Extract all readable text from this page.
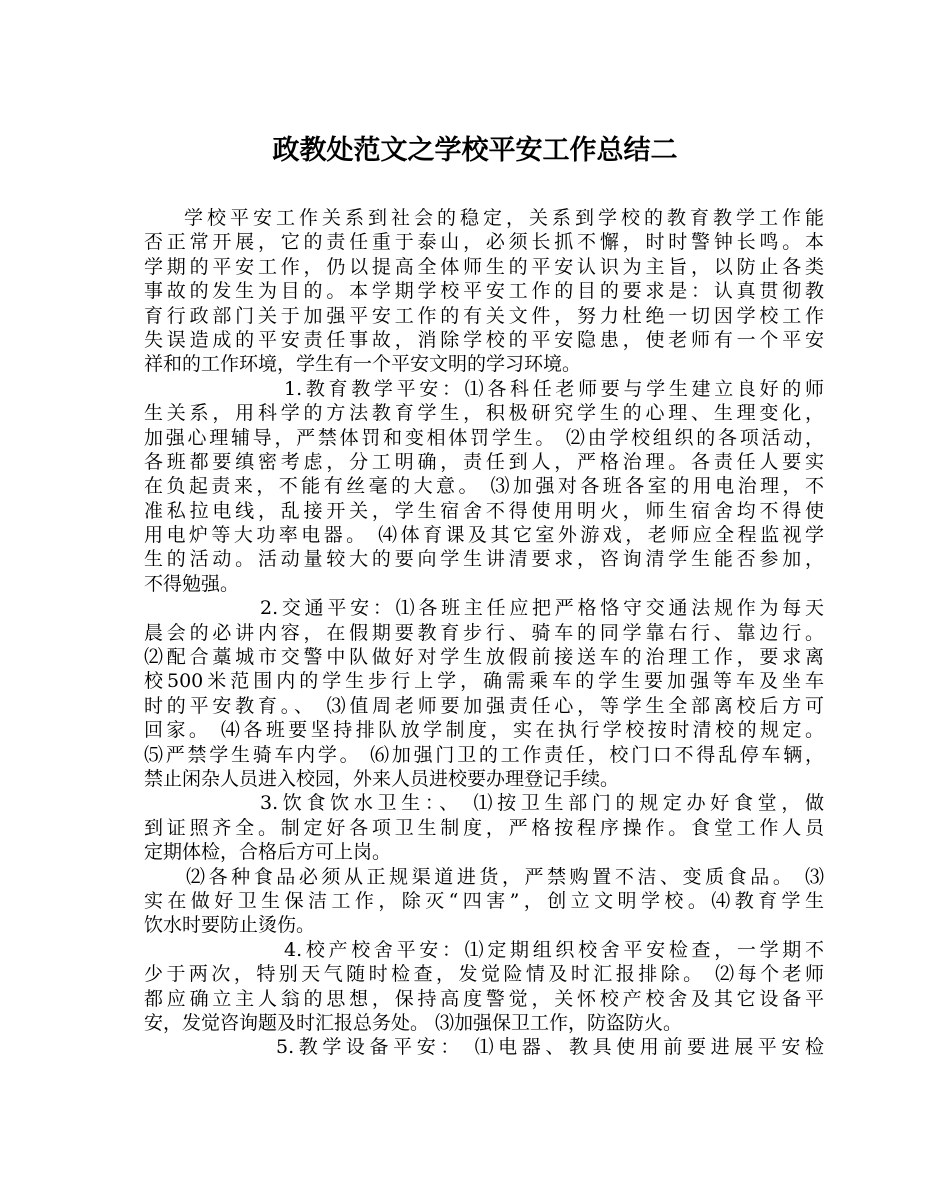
政教处范文之学校平安工作总结二
学校平安工作关系到社会的稳定，关系到学校的教育教学工作能
否正常开展，它的责任重于泰山，必须长抓不懈，时时警钟长鸣。本
学期的平安工作，仍以提高全体师生的平安认识为主旨，以防止各类
事故的发生为目的。本学期学校平安工作的目的要求是：认真贯彻教
育行政部门关于加强平安工作的有关文件，努力杜绝一切因学校工作
失误造成的平安责任事故，消除学校的平安隐患，使老师有一个平安
祥和的工作环境，学生有一个平安文明的学习环境。
1.教育教学平安：⑴各科任老师要与学生建立良好的师
生关系，用科学的方法教育学生，积极研究学生的心理、生理变化，
加强心理辅导，严禁体罚和变相体罚学生。 ⑵由学校组织的各项活动，
各班都要缜密考虑，分工明确，责任到人，严格治理。各责任人要实
在负起责来，不能有丝毫的大意。 ⑶加强对各班各室的用电治理，不
准私拉电线，乱接开关，学生宿舍不得使用明火，师生宿舍均不得使
用电炉等大功率电器。 ⑷体育课及其它室外游戏，老师应全程监视学
生的活动。活动量较大的要向学生讲清要求，咨询清学生能否参加，
不得勉强。
2.交通平安：⑴各班主任应把严格恪守交通法规作为每天
晨会的必讲内容，在假期要教育步行、骑车的同学靠右行、靠边行。
⑵配合藁城市交警中队做好对学生放假前接送车的治理工作，要求离
校500米范围内的学生步行上学，确需乘车的学生要加强等车及坐车
时的平安教育。、 ⑶值周老师要加强责任心，等学生全部离校后方可
回家。 ⑷各班要坚持排队放学制度，实在执行学校按时清校的规定。
⑸严禁学生骑车内学。 ⑹加强门卫的工作责任，校门口不得乱停车辆，
禁止闲杂人员进入校园，外来人员进校要办理登记手续。
3.饮食饮水卫生：、 ⑴按卫生部门的规定办好食堂，做
到证照齐全。制定好各项卫生制度，严格按程序操作。食堂工作人员
定期体检，合格后方可上岗。
⑵各种食品必须从正规渠道进货，严禁购置不洁、变质食品。 ⑶
实在做好卫生保洁工作，除灭“四害”，创立文明学校。⑷教育学生
饮水时要防止烫伤。
4.校产校舍平安：⑴定期组织校舍平安检查，一学期不
少于两次，特别天气随时检查，发觉险情及时汇报排除。 ⑵每个老师
都应确立主人翁的思想，保持高度警觉，关怀校产校舍及其它设备平
安，发觉咨询题及时汇报总务处。 ⑶加强保卫工作，防盗防火。
5.教学设备平安： ⑴电器、教具使用前要进展平安检
